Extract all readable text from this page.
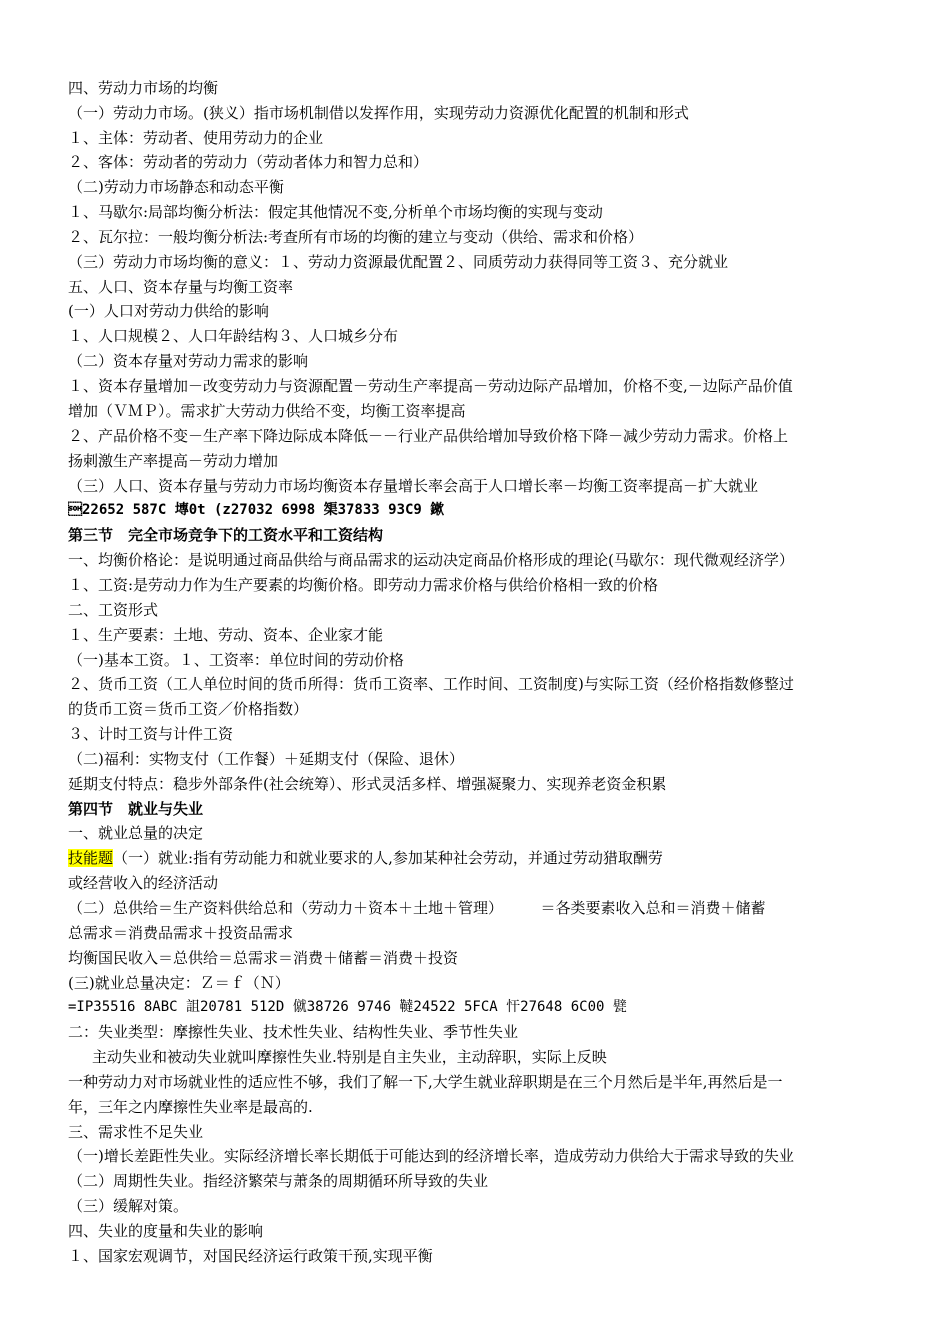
四、劳动力市场的均衡
（一）劳动力市场。(狭义）指市场机制借以发挥作用，实现劳动力资源优化配置的机制和形式
１、主体：劳动者、使用劳动力的企业
２、客体：劳动者的劳动力（劳动者体力和智力总和）
（二)劳动力市场静态和动态平衡
１、马歇尔:局部均衡分析法：假定其他情况不变,分析单个市场均衡的实现与变动
２、瓦尔拉：一般均衡分析法:考查所有市场的均衡的建立与变动（供给、需求和价格）
（三）劳动力市场均衡的意义：１、劳动力资源最优配置２、同质劳动力获得同等工资３、充分就业
五、人口、资本存量与均衡工资率
(一）人口对劳动力供给的影响
１、人口规模２、人口年龄结构３、人口城乡分布
（二）资本存量对劳动力需求的影响
１、资本存量增加－改变劳动力与资源配置－劳动生产率提高－劳动边际产品增加，价格不变,－边际产品价值
增加（ＶＭＰ）。需求扩大劳动力供给不变，均衡工资率提高
２、产品价格不变－生产率下降边际成本降低－－行业产品供给增加导致价格下降－减少劳动力需求。价格上
扬刺激生产率提高－劳动力增加
（三）人口、资本存量与劳动力市场均衡资本存量增长率会高于人口增长率－均衡工资率提高－扩大就业
22652 587C 塼0t (z27032 6998 榘37833 93C9 鏉
第三节　完全市场竞争下的工资水平和工资结构
一、均衡价格论：是说明通过商品供给与商品需求的运动决定商品价格形成的理论(马歇尔：现代微观经济学）
１、工资:是劳动力作为生产要素的均衡价格。即劳动力需求价格与供给价格相一致的价格
二、工资形式
１、生产要素：土地、劳动、资本、企业家才能
（一)基本工资。１、工资率：单位时间的劳动价格
２、货币工资（工人单位时间的货币所得：货币工资率、工作时间、工资制度)与实际工资（经价格指数修整过
的货币工资＝货币工资／价格指数）
３、计时工资与计件工资
（二)福利：实物支付（工作餐）＋延期支付（保险、退休）
延期支付特点：稳步外部条件(社会统筹）、形式灵活多样、增强凝聚力、实现养老资金积累
第四节　就业与失业
一、就业总量的决定
技能题（一）就业:指有劳动能力和就业要求的人,参加某种社会劳动，并通过劳动猎取酬劳
或经营收入的经济活动
（二）总供给＝生产资料供给总和（劳动力＋资本＋土地＋管理）　　　＝各类要素收入总和＝消费＋储蓄
总需求＝消费品需求＋投资品需求
均衡国民收入＝总供给＝总需求＝消费＋储蓄＝消费＋投资
(三)就业总量决定：Ｚ＝ｆ（Ｎ）
=IP35516 8ABC 詛20781 512D 僦38726 9746 韃24522 5FCA 忓27648 6C00 甓
二：失业类型：摩擦性失业、技术性失业、结构性失业、季节性失业
主动失业和被动失业就叫摩擦性失业.特别是自主失业，主动辞职，实际上反映
一种劳动力对市场就业性的适应性不够，我们了解一下,大学生就业辞职期是在三个月然后是半年,再然后是一
年，三年之内摩擦性失业率是最高的.
三、需求性不足失业
（一)增长差距性失业。实际经济增长率长期低于可能达到的经济增长率，造成劳动力供给大于需求导致的失业
（二）周期性失业。指经济繁荣与萧条的周期循环所导致的失业
（三）缓解对策。
四、失业的度量和失业的影响
１、国家宏观调节，对国民经济运行政策干预,实现平衡
